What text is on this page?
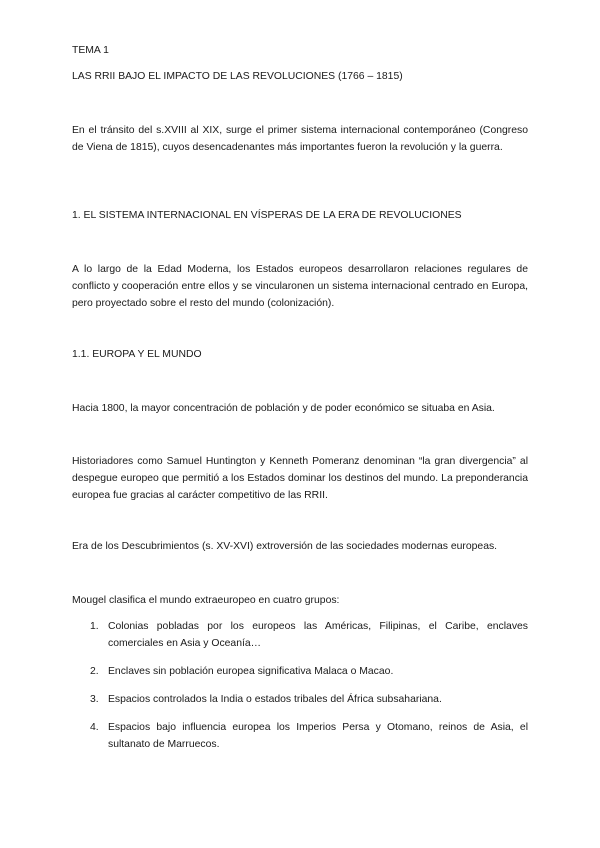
TEMA 1

LAS RRII BAJO EL IMPACTO DE LAS REVOLUCIONES (1766 – 1815)

En el tránsito del s.XVIII al XIX, surge el primer sistema internacional contemporáneo (Congreso de Viena de 1815), cuyos desencadenantes más importantes fueron la revolución y la guerra.

1. EL SISTEMA INTERNACIONAL EN VÍSPERAS DE LA ERA DE REVOLUCIONES

A lo largo de la Edad Moderna, los Estados europeos desarrollaron relaciones regulares de conflicto y cooperación entre ellos y se vincularonen un sistema internacional centrado en Europa, pero proyectado sobre el resto del mundo (colonización).

1.1. EUROPA Y EL MUNDO

Hacia 1800, la mayor concentración de población y de poder económico se situaba en Asia.

Historiadores como Samuel Huntington y Kenneth Pomeranz denominan “la gran divergencia” al despegue europeo que permitió a los Estados dominar los destinos del mundo. La preponderancia europea fue gracias al carácter competitivo de las RRII.

Era de los Descubrimientos (s. XV-XVI) extroversión de las sociedades modernas europeas.

Mougel clasifica el mundo extraeuropeo en cuatro grupos:

1. Colonias pobladas por los europeos las Américas, Filipinas, el Caribe, enclaves comerciales en Asia y Oceanía…
2. Enclaves sin población europea significativa Malaca o Macao.
3. Espacios controlados la India o estados tribales del África subsahariana.
4. Espacios bajo influencia europea los Imperios Persa y Otomano, reinos de Asia, el sultanato de Marruecos.
